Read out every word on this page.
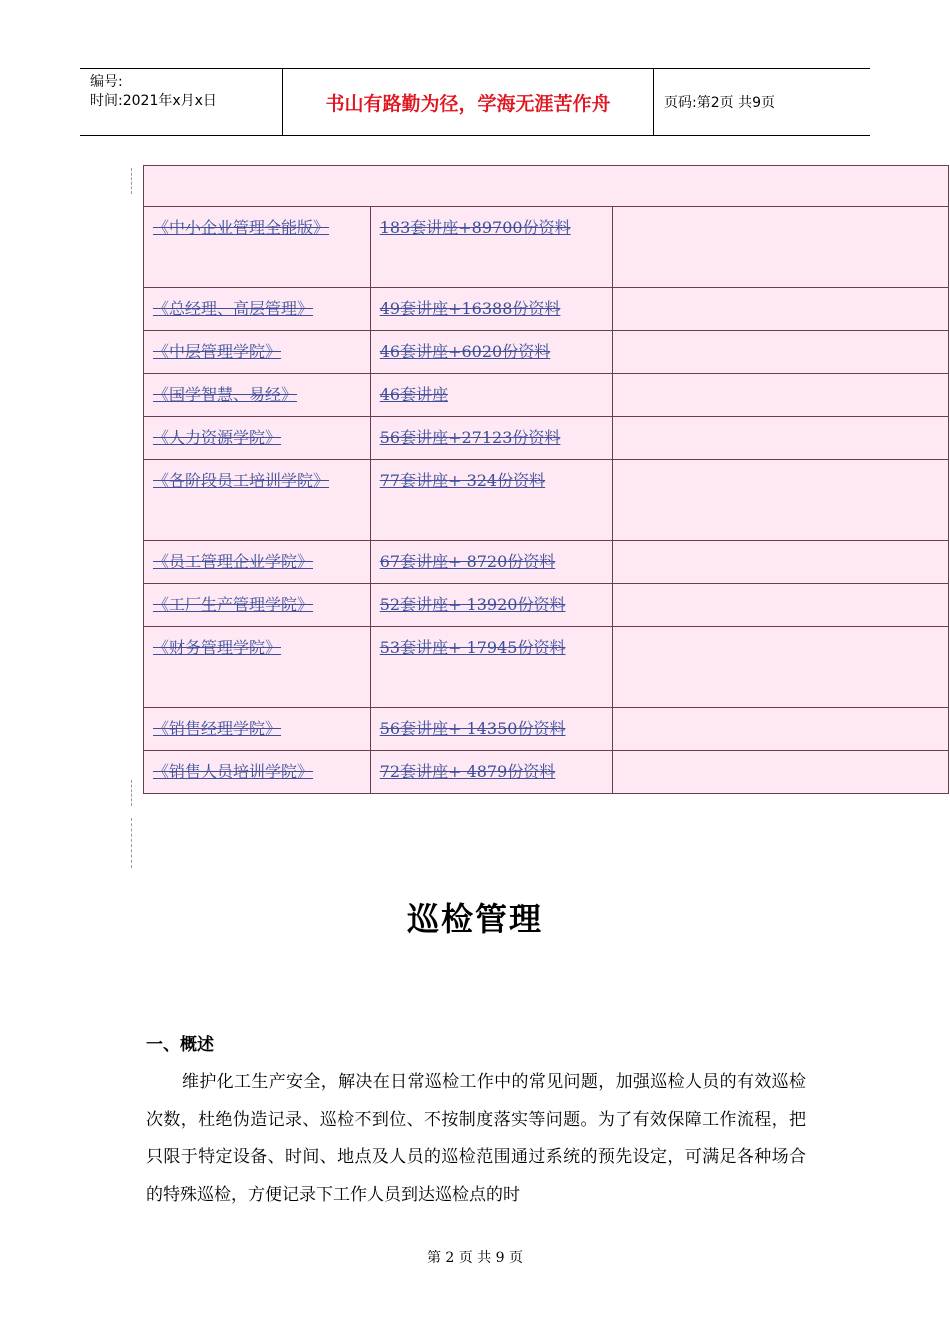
编号:
时间:2021年x月x日	书山有路勤为径，学海无涯苦作舟	页码:第2页 共9页

《中小企业管理全能版》	183套讲座+89700份资料	
《总经理、高层管理》	49套讲座+16388份资料	
《中层管理学院》	46套讲座+6020份资料	
《国学智慧、易经》	46套讲座	
《人力资源学院》	56套讲座+27123份资料	
《各阶段员工培训学院》	77套讲座+ 324份资料	
《员工管理企业学院》	67套讲座+ 8720份资料	
《工厂生产管理学院》	52套讲座+ 13920份资料	
《财务管理学院》	53套讲座+ 17945份资料	
《销售经理学院》	56套讲座+ 14350份资料	
《销售人员培训学院》	72套讲座+ 4879份资料	
巡检管理
一、概述
维护化工生产安全，解决在日常巡检工作中的常见问题，加强巡检人员的有效巡检次数，杜绝伪造记录、巡检不到位、不按制度落实等问题。为了有效保障工作流程，把只限于特定设备、时间、地点及人员的巡检范围通过系统的预先设定，可满足各种场合的特殊巡检，方便记录下工作人员到达巡检点的时
第 2 页 共 9 页
